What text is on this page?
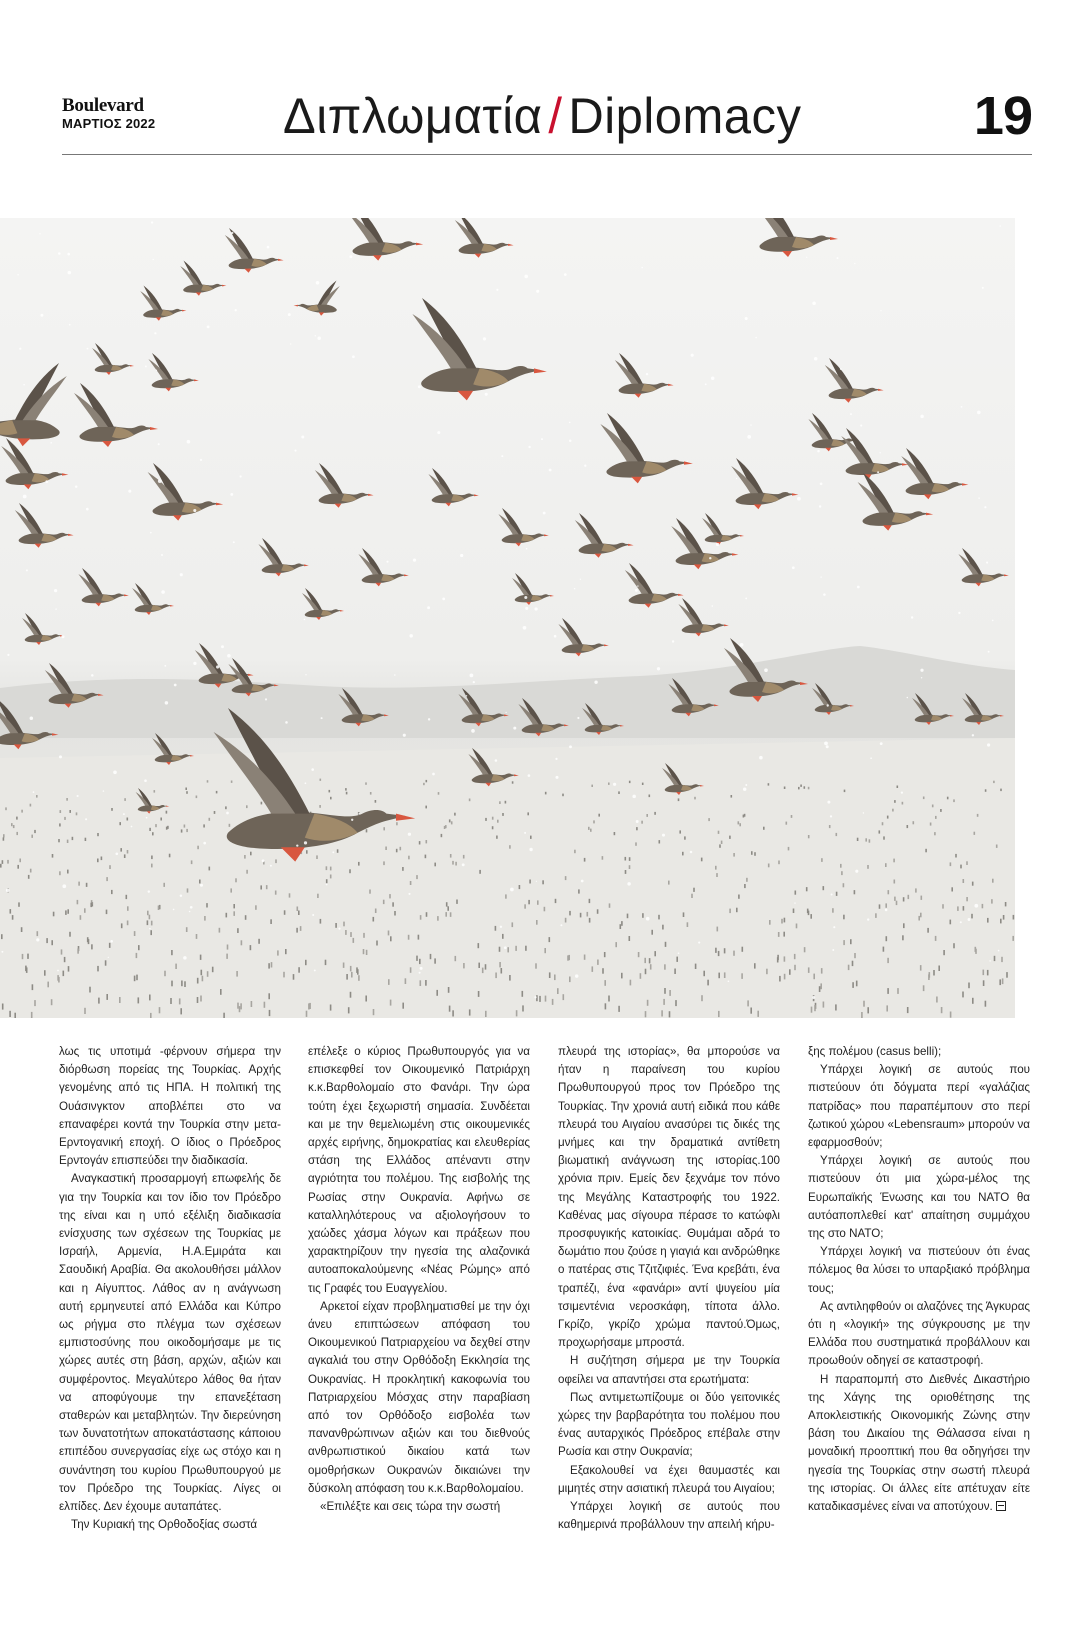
Boulevard
ΜΑΡΤΙΟΣ 2022	Διπλωματία / Diplomacy	19

λως τις υποτιμά -φέρνουν σήμερα την διόρθωση πορείας της Τουρκίας. Αρχής γενομένης από τις ΗΠΑ. Η πολιτική της Ουάσινγκτον αποβλέπει στο να επαναφέρει κοντά την Τουρκία στην μετα-Ερντογανική εποχή. Ο ίδιος ο Πρόεδρος Ερντογάν επισπεύδει την διαδικασία.

Αναγκαστική προσαρμογή επωφελής δε για την Τουρκία και τον ίδιο τον Πρόεδρο της είναι και η υπό εξέλιξη διαδικασία ενίσχυσης των σχέσεων της Τουρκίας με Ισραήλ, Αρμενία, Η.Α.Εμιράτα και Σαουδική Αραβία. Θα ακολουθήσει μάλλον και η Αίγυπτος. Λάθος αν η ανάγνωση αυτή ερμηνευτεί από Ελλάδα και Κύπρο ως ρήγμα στο πλέγμα των σχέσεων εμπιστοσύνης που οικοδομήσαμε με τις χώρες αυτές στη βάση, αρχών, αξιών και συμφέροντος. Μεγαλύτερο λάθος θα ήταν να αποφύγουμε την επανεξέταση σταθερών και μεταβλητών. Την διερεύνηση των δυνατοτήτων αποκατάστασης κάποιου επιπέδου συνεργασίας είχε ως στόχο και η συνάντηση του κυρίου Πρωθυπουργού με τον Πρόεδρο της Τουρκίας. Λίγες οι ελπίδες. Δεν έχουμε αυταπάτες.

Την Κυριακή της Ορθοδοξίας σωστά

επέλεξε ο κύριος Πρωθυπουργός για να επισκεφθεί τον Οικουμενικό Πατριάρχη κ.κ.Βαρθολομαίο στο Φανάρι. Την ώρα τούτη έχει ξεχωριστή σημασία. Συνδέεται και με την θεμελιωμένη στις οικουμενικές αρχές ειρήνης, δημοκρατίας και ελευθερίας στάση της Ελλάδος απέναντι στην αγριότητα του πολέμου. Της εισβολής της Ρωσίας στην Ουκρανία. Αφήνω σε καταλληλότερους να αξιολογήσουν το χαώδες χάσμα λόγων και πράξεων που χαρακτηρίζουν την ηγεσία της αλαζονικά αυτοαποκαλούμενης «Νέας Ρώμης» από τις Γραφές του Ευαγγελίου.

Αρκετοί είχαν προβληματισθεί με την όχι άνευ επιπτώσεων απόφαση του Οικουμενικού Πατριαρχείου να δεχθεί στην αγκαλιά του στην Ορθόδοξη Εκκλησία της Ουκρανίας. Η προκλητική κακοφωνία του Πατριαρχείου Μόσχας στην παραβίαση από τον Ορθόδοξο εισβολέα των πανανθρώπινων αξιών και του διεθνούς ανθρωπιστικού δικαίου κατά των ομοθρήσκων Ουκρανών δικαιώνει την δύσκολη απόφαση του κ.κ.Βαρθολομαίου.

«Επιλέξτε και σεις τώρα την σωστή

πλευρά της ιστορίας», θα μπορούσε να ήταν η παραίνεση του κυρίου Πρωθυπουργού προς τον Πρόεδρο της Τουρκίας. Την χρονιά αυτή ειδικά που κάθε πλευρά του Αιγαίου ανασύρει τις δικές της μνήμες και την δραματικά αντίθετη βιωματική ανάγνωση της ιστορίας.100 χρόνια πριν. Εμείς δεν ξεχνάμε τον πόνο της Μεγάλης Καταστροφής του 1922. Καθένας μας σίγουρα πέρασε το κατώφλι προσφυγικής κατοικίας. Θυμάμαι αδρά το δωμάτιο που ζούσε η γιαγιά και ανδρώθηκε ο πατέρας στις Τζιτζιφιές. Ένα κρεβάτι, ένα τραπέζι, ένα «φανάρι» αντί ψυγείου μία τσιμεντένια νεροσκάφη, τίποτα άλλο. Γκρίζο, γκρίζο χρώμα παντού.Όμως, προχωρήσαμε μπροστά.

Η συζήτηση σήμερα με την Τουρκία οφείλει να απαντήσει στα ερωτήματα:

Πως αντιμετωπίζουμε οι δύο γειτονικές χώρες την βαρβαρότητα του πολέμου που ένας αυταρχικός Πρόεδρος επέβαλε στην Ρωσία και στην Ουκρανία;

Εξακολουθεί να έχει θαυμαστές και μιμητές στην ασιατική πλευρά του Αιγαίου;

Υπάρχει λογική σε αυτούς που καθημερινά προβάλλουν την απειλή κήρυ-

ξης πολέμου (casus belli);

Υπάρχει λογική σε αυτούς που πιστεύουν ότι δόγματα περί «γαλάζιας πατρίδας» που παραπέμπουν στο περί ζωτικού χώρου «Lebensraum» μπορούν να εφαρμοσθούν;

Υπάρχει λογική σε αυτούς που πιστεύουν ότι μια χώρα-μέλος της Ευρωπαϊκής Ένωσης και του ΝΑΤΟ θα αυτόαποπλεθεί κατ' απαίτηση συμμάχου της στο ΝΑΤΟ;

Υπάρχει λογική να πιστεύουν ότι ένας πόλεμος θα λύσει το υπαρξιακό πρόβλημα τους;

Ας αντιληφθούν οι αλαζόνες της Άγκυρας ότι η «λογική» της σύγκρουσης με την Ελλάδα που συστηματικά προβάλλουν και προωθούν οδηγεί σε καταστροφή.

Η παραπομπή στο Διεθνές Δικαστήριο της Χάγης της οριοθέτησης της Αποκλειστικής Οικονομικής Ζώνης στην βάση του Δικαίου της Θάλασσα είναι η μοναδική προοπτική που θα οδηγήσει την ηγεσία της Τουρκίας στην σωστή πλευρά της ιστορίας. Οι άλλες είτε απέτυχαν είτε καταδικασμένες είναι να αποτύχουν.
